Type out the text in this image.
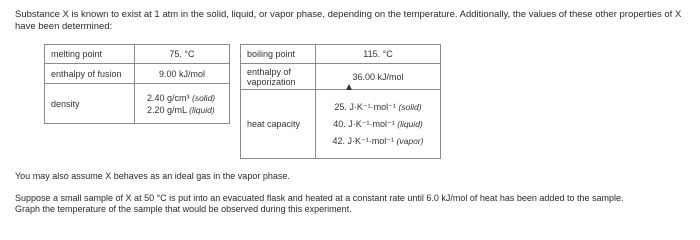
Substance X is known to exist at 1 atm in the solid, liquid, or vapor phase, depending on the temperature. Additionally, the values of these other properties of X have been determined:
melting point	75. °C
enthalpy of fusion	9.00 kJ/mol
density	2.40 g/cm³ (solid)
2.20 g/mL (liquid)
boiling point	115. °C

enthalpy of
vaporization	36.00 kJ/mol
heat capacity	25. J·K⁻¹·mol⁻¹ (solid)
40. J·K⁻¹·mol⁻¹ (liquid)
42. J·K⁻¹·mol⁻¹ (vapor)
You may also assume X behaves as an ideal gas in the vapor phase.
Suppose a small sample of X at 50 °C is put into an evacuated flask and heated at a constant rate until 6.0 kJ/mol of heat has been added to the sample.
Graph the temperature of the sample that would be observed during this experiment.
